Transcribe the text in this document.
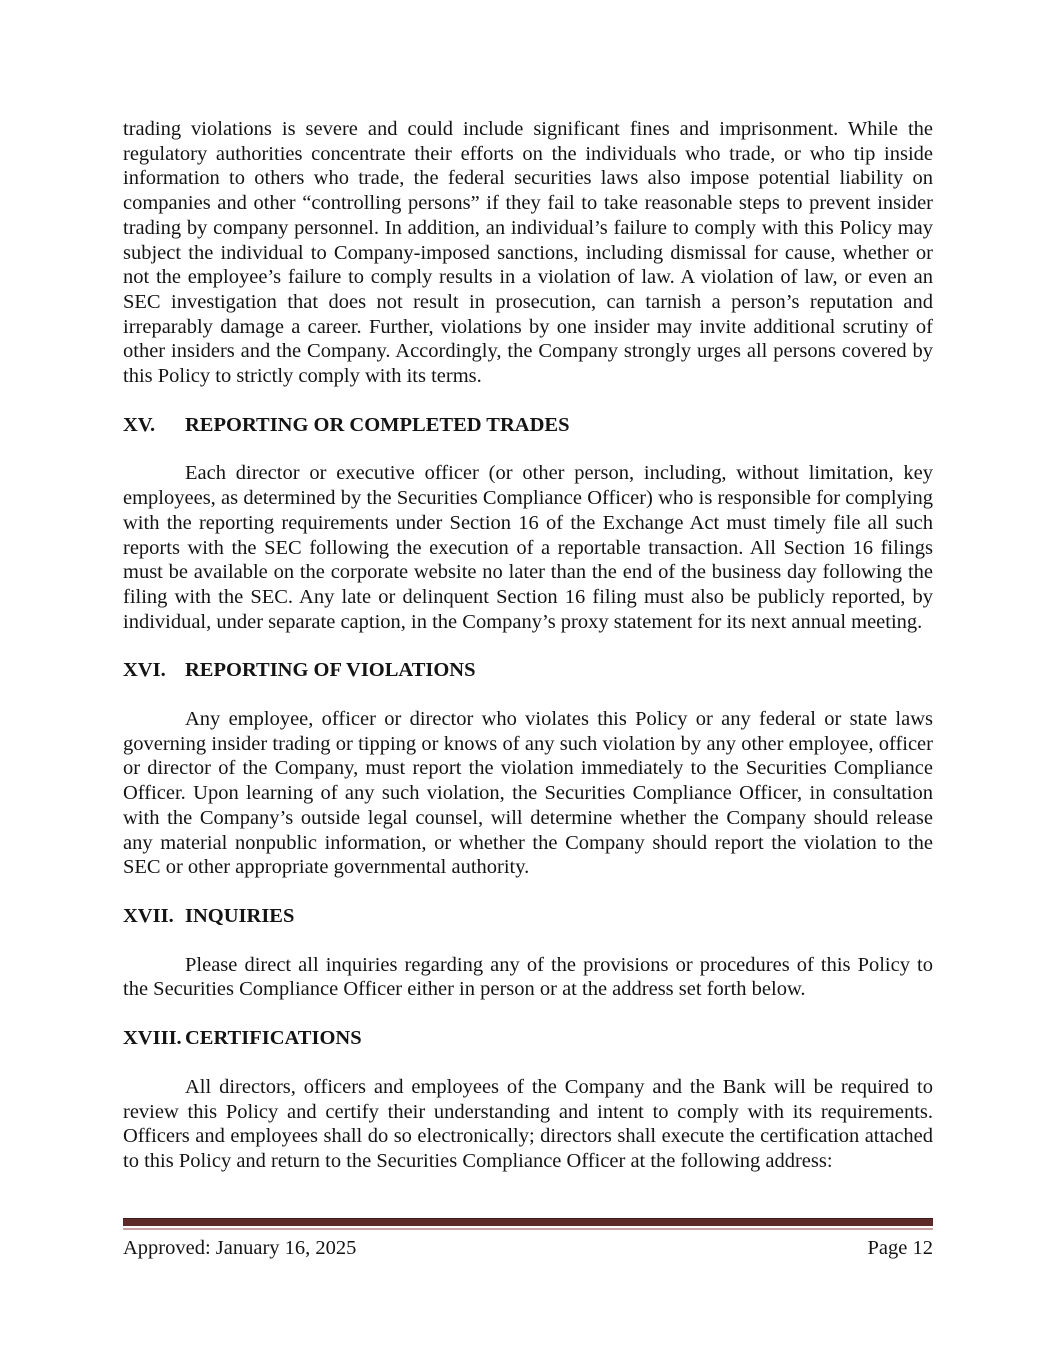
trading violations is severe and could include significant fines and imprisonment. While the regulatory authorities concentrate their efforts on the individuals who trade, or who tip inside information to others who trade, the federal securities laws also impose potential liability on companies and other “controlling persons” if they fail to take reasonable steps to prevent insider trading by company personnel. In addition, an individual’s failure to comply with this Policy may subject the individual to Company-imposed sanctions, including dismissal for cause, whether or not the employee’s failure to comply results in a violation of law. A violation of law, or even an SEC investigation that does not result in prosecution, can tarnish a person’s reputation and irreparably damage a career. Further, violations by one insider may invite additional scrutiny of other insiders and the Company. Accordingly, the Company strongly urges all persons covered by this Policy to strictly comply with its terms.

XV.	REPORTING OR COMPLETED TRADES

Each director or executive officer (or other person, including, without limitation, key employees, as determined by the Securities Compliance Officer) who is responsible for complying with the reporting requirements under Section 16 of the Exchange Act must timely file all such reports with the SEC following the execution of a reportable transaction. All Section 16 filings must be available on the corporate website no later than the end of the business day following the filing with the SEC. Any late or delinquent Section 16 filing must also be publicly reported, by individual, under separate caption, in the Company’s proxy statement for its next annual meeting.

XVI. REPORTING OF VIOLATIONS

Any employee, officer or director who violates this Policy or any federal or state laws governing insider trading or tipping or knows of any such violation by any other employee, officer or director of the Company, must report the violation immediately to the Securities Compliance Officer. Upon learning of any such violation, the Securities Compliance Officer, in consultation with the Company’s outside legal counsel, will determine whether the Company should release any material nonpublic information, or whether the Company should report the violation to the SEC or other appropriate governmental authority.

XVII. INQUIRIES

Please direct all inquiries regarding any of the provisions or procedures of this Policy to the Securities Compliance Officer either in person or at the address set forth below.

XVIII. CERTIFICATIONS

All directors, officers and employees of the Company and the Bank will be required to review this Policy and certify their understanding and intent to comply with its requirements. Officers and employees shall do so electronically; directors shall execute the certification attached to this Policy and return to the Securities Compliance Officer at the following address:

Approved: January 16, 2025	Page 12
